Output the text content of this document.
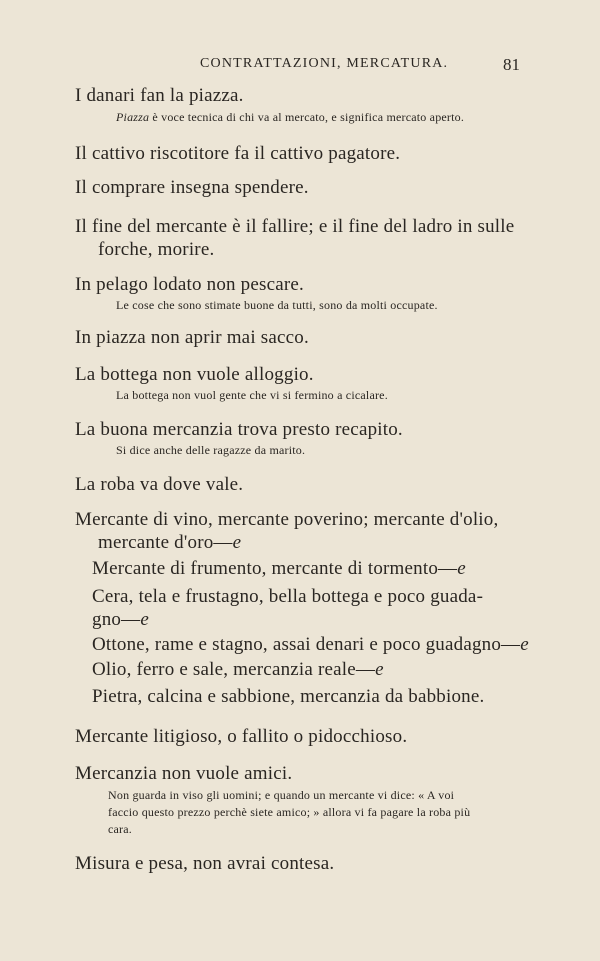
CONTRATTAZIONI, MERCATURA.	81
I danari fan la piazza.
Piazza è voce tecnica di chi va al mercato, e significa mercato aperto.
Il cattivo riscotitore fa il cattivo pagatore.
Il comprare insegna spendere.
Il fine del mercante è il fallire; e il fine del ladro in sulle
forche, morire.
In pelago lodato non pescare.
Le cose che sono stimate buone da tutti, sono da molti occupate.
In piazza non aprir mai sacco.
La bottega non vuole alloggio.
La bottega non vuol gente che vi si fermino a cicalare.
La buona mercanzia trova presto recapito.
Si dice anche delle ragazze da marito.
La roba va dove vale.
Mercante di vino, mercante poverino; mercante d'olio,
mercante d'oro—e
Mercante di frumento, mercante di tormento—e
Cera, tela e frustagno, bella bottega e poco guada-
gno—e
Ottone, rame e stagno, assai denari e poco guadagno—e
Olio, ferro e sale, mercanzia reale—e
Pietra, calcina e sabbione, mercanzia da babbione.
Mercante litigioso, o fallito o pidocchioso.
Mercanzia non vuole amici.
Non guarda in viso gli uomini; e quando un mercante vi dice: « A voi
faccio questo prezzo perchè siete amico; » allora vi fa pagare la roba più
cara.
Misura e pesa, non avrai contesa.
